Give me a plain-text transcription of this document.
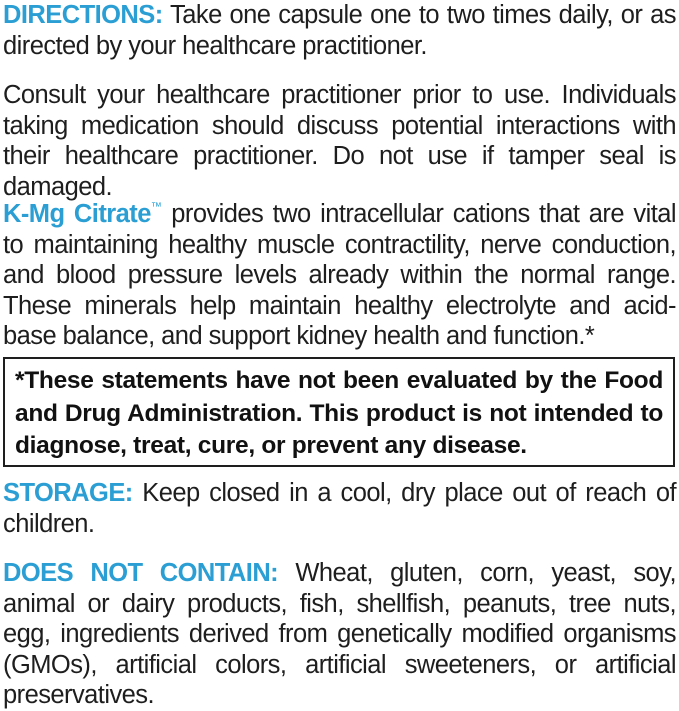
DIRECTIONS: Take one capsule one to two times daily, or as directed by your healthcare practitioner.

Consult your healthcare practitioner prior to use. Individuals taking medication should discuss potential interactions with their healthcare practitioner. Do not use if tamper seal is damaged.

K-Mg Citrate™ provides two intracellular cations that are vital to maintaining healthy muscle contractility, nerve conduction, and blood pressure levels already within the normal range. These minerals help maintain healthy electrolyte and acid-base balance, and support kidney health and function.*

*These statements have not been evaluated by the Food and Drug Administration. This product is not intended to diagnose, treat, cure, or prevent any disease.

STORAGE: Keep closed in a cool, dry place out of reach of children.

DOES NOT CONTAIN: Wheat, gluten, corn, yeast, soy, animal or dairy products, fish, shellfish, peanuts, tree nuts, egg, ingredients derived from genetically modified organisms (GMOs), artificial colors, artificial sweeteners, or artificial preservatives.
